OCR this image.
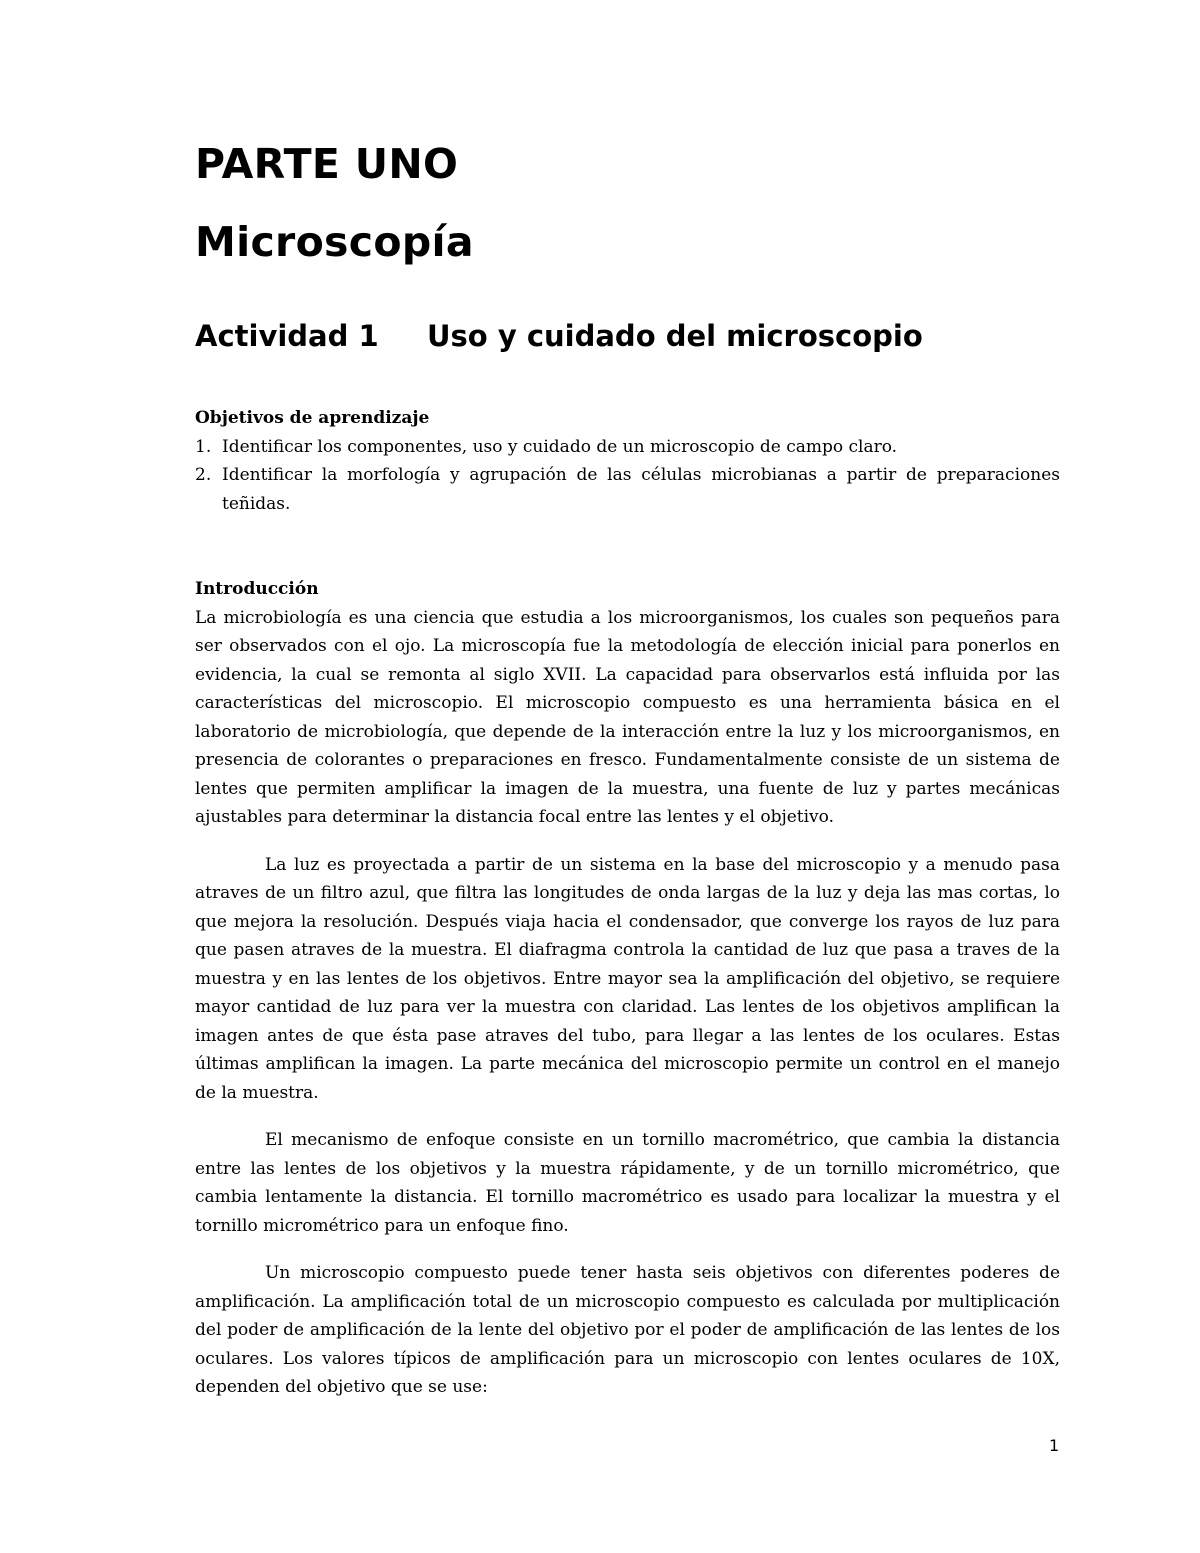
PARTE UNO
Microscopía
Actividad 1 Uso y cuidado del microscopio

Objetivos de aprendizaje

1. Identificar los componentes, uso y cuidado de un microscopio de campo claro.
2. Identificar la morfología y agrupación de las células microbianas a partir de preparaciones teñidas.

Introducción

La microbiología es una ciencia que estudia a los microorganismos, los cuales son pequeños para ser observados con el ojo. La microscopía fue la metodología de elección inicial para ponerlos en evidencia, la cual se remonta al siglo XVII. La capacidad para observarlos está influida por las características del microscopio. El microscopio compuesto es una herramienta básica en el laboratorio de microbiología, que depende de la interacción entre la luz y los microorganismos, en presencia de colorantes o preparaciones en fresco. Fundamentalmente consiste de un sistema de lentes que permiten amplificar la imagen de la muestra, una fuente de luz y partes mecánicas ajustables para determinar la distancia focal entre las lentes y el objetivo.

La luz es proyectada a partir de un sistema en la base del microscopio y a menudo pasa atraves de un filtro azul, que filtra las longitudes de onda largas de la luz y deja las mas cortas, lo que mejora la resolución. Después viaja hacia el condensador, que converge los rayos de luz para que pasen atraves de la muestra. El diafragma controla la cantidad de luz que pasa a traves de la muestra y en las lentes de los objetivos. Entre mayor sea la amplificación del objetivo, se requiere mayor cantidad de luz para ver la muestra con claridad. Las lentes de los objetivos amplifican la imagen antes de que ésta pase atraves del tubo, para llegar a las lentes de los oculares. Estas últimas amplifican la imagen. La parte mecánica del microscopio permite un control en el manejo de la muestra.

El mecanismo de enfoque consiste en un tornillo macrométrico, que cambia la distancia entre las lentes de los objetivos y la muestra rápidamente, y de un tornillo micrométrico, que cambia lentamente la distancia. El tornillo macrométrico es usado para localizar la muestra y el tornillo micrométrico para un enfoque fino.

Un microscopio compuesto puede tener hasta seis objetivos con diferentes poderes de amplificación. La amplificación total de un microscopio compuesto es calculada por multiplicación del poder de amplificación de la lente del objetivo por el poder de amplificación de las lentes de los oculares. Los valores típicos de amplificación para un microscopio con lentes oculares de 10X, dependen del objetivo que se use:

1
